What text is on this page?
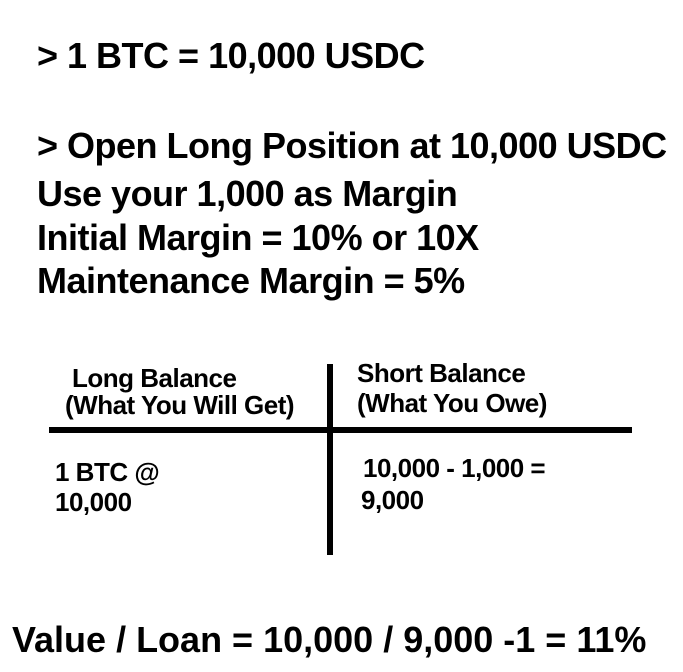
> 1 BTC = 10,000 USDC
> Open Long Position at 10,000 USDC
Use your 1,000 as Margin
Initial Margin = 10% or 10X
Maintenance Margin = 5%
Long Balance
(What You Will Get)
Short Balance
(What You Owe)
1 BTC @
10,000
10,000 - 1,000 =
9,000
Value / Loan = 10,000 / 9,000 -1 = 11%
